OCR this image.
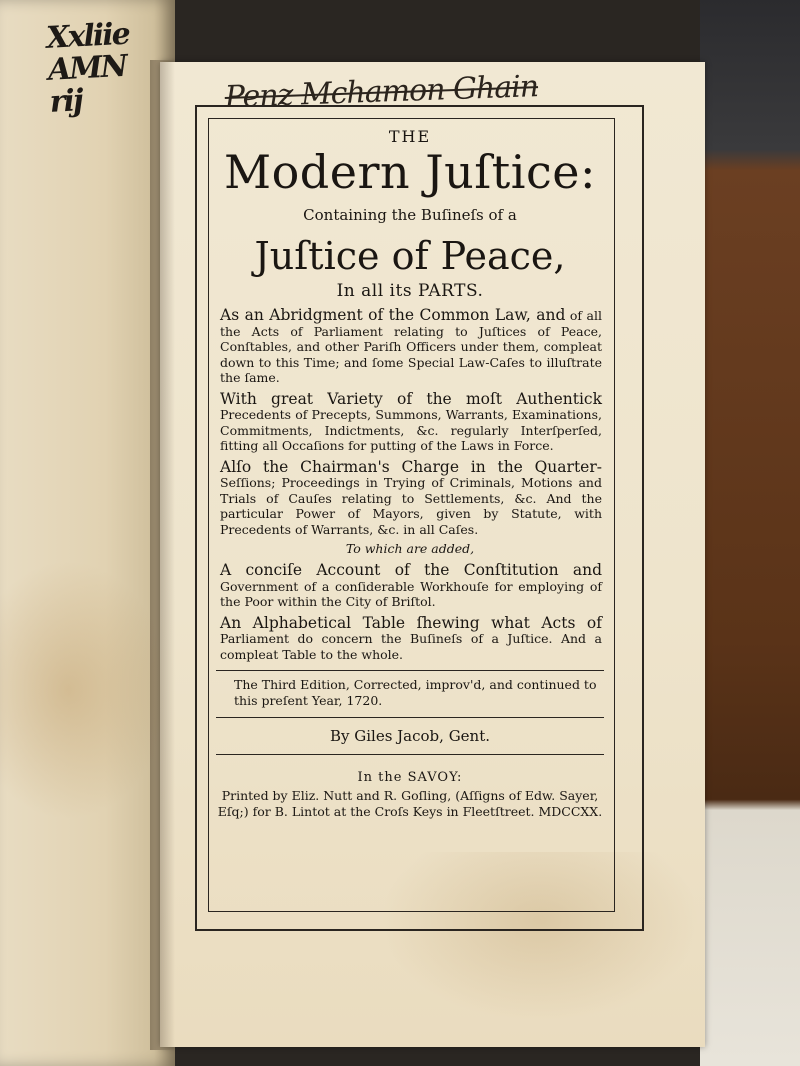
Xxliie
AMN rij	Penz Mchamon Ghain
THE
Modern Juſtice:
Containing the Buſineſs of a
Juſtice of Peace,
In all its PARTS.
As an Abridgment of the Common Law, and of all the Acts of Parliament relating to Juſtices of Peace, Conſtables, and other Pariſh Officers under them, compleat down to this Time; and ſome Special Law-Caſes to illuſtrate the ſame.
With great Variety of the moſt Authentick Precedents of Precepts, Summons, Warrants, Examinations, Commitments, Indictments, &c. regularly Interſperſed, fitting all Occaſions for putting of the Laws in Force.
Alſo the Chairman's Charge in the Quarter- Seſſions; Proceedings in Trying of Criminals, Motions and Trials of Cauſes relating to Settlements, &c. And the particular Power of Mayors, given by Statute, with Precedents of Warrants, &c. in all Caſes.
To which are added,
A conciſe Account of the Conſtitution and Government of a conſiderable Workhouſe for employing of the Poor within the City of Briſtol.
An Alphabetical Table ſhewing what Acts of Parliament do concern the Buſineſs of a Juſtice. And a compleat Table to the whole.
The Third Edition, Corrected, improv'd, and continued to this preſent Year, 1720.
By Giles Jacob, Gent.
In the SAVOY:
Printed by Eliz. Nutt and R. Goſling, (Aſſigns of Edw. Sayer, Eſq;) for B. Lintot at the Croſs Keys in Fleetſtreet. MDCCXX.
